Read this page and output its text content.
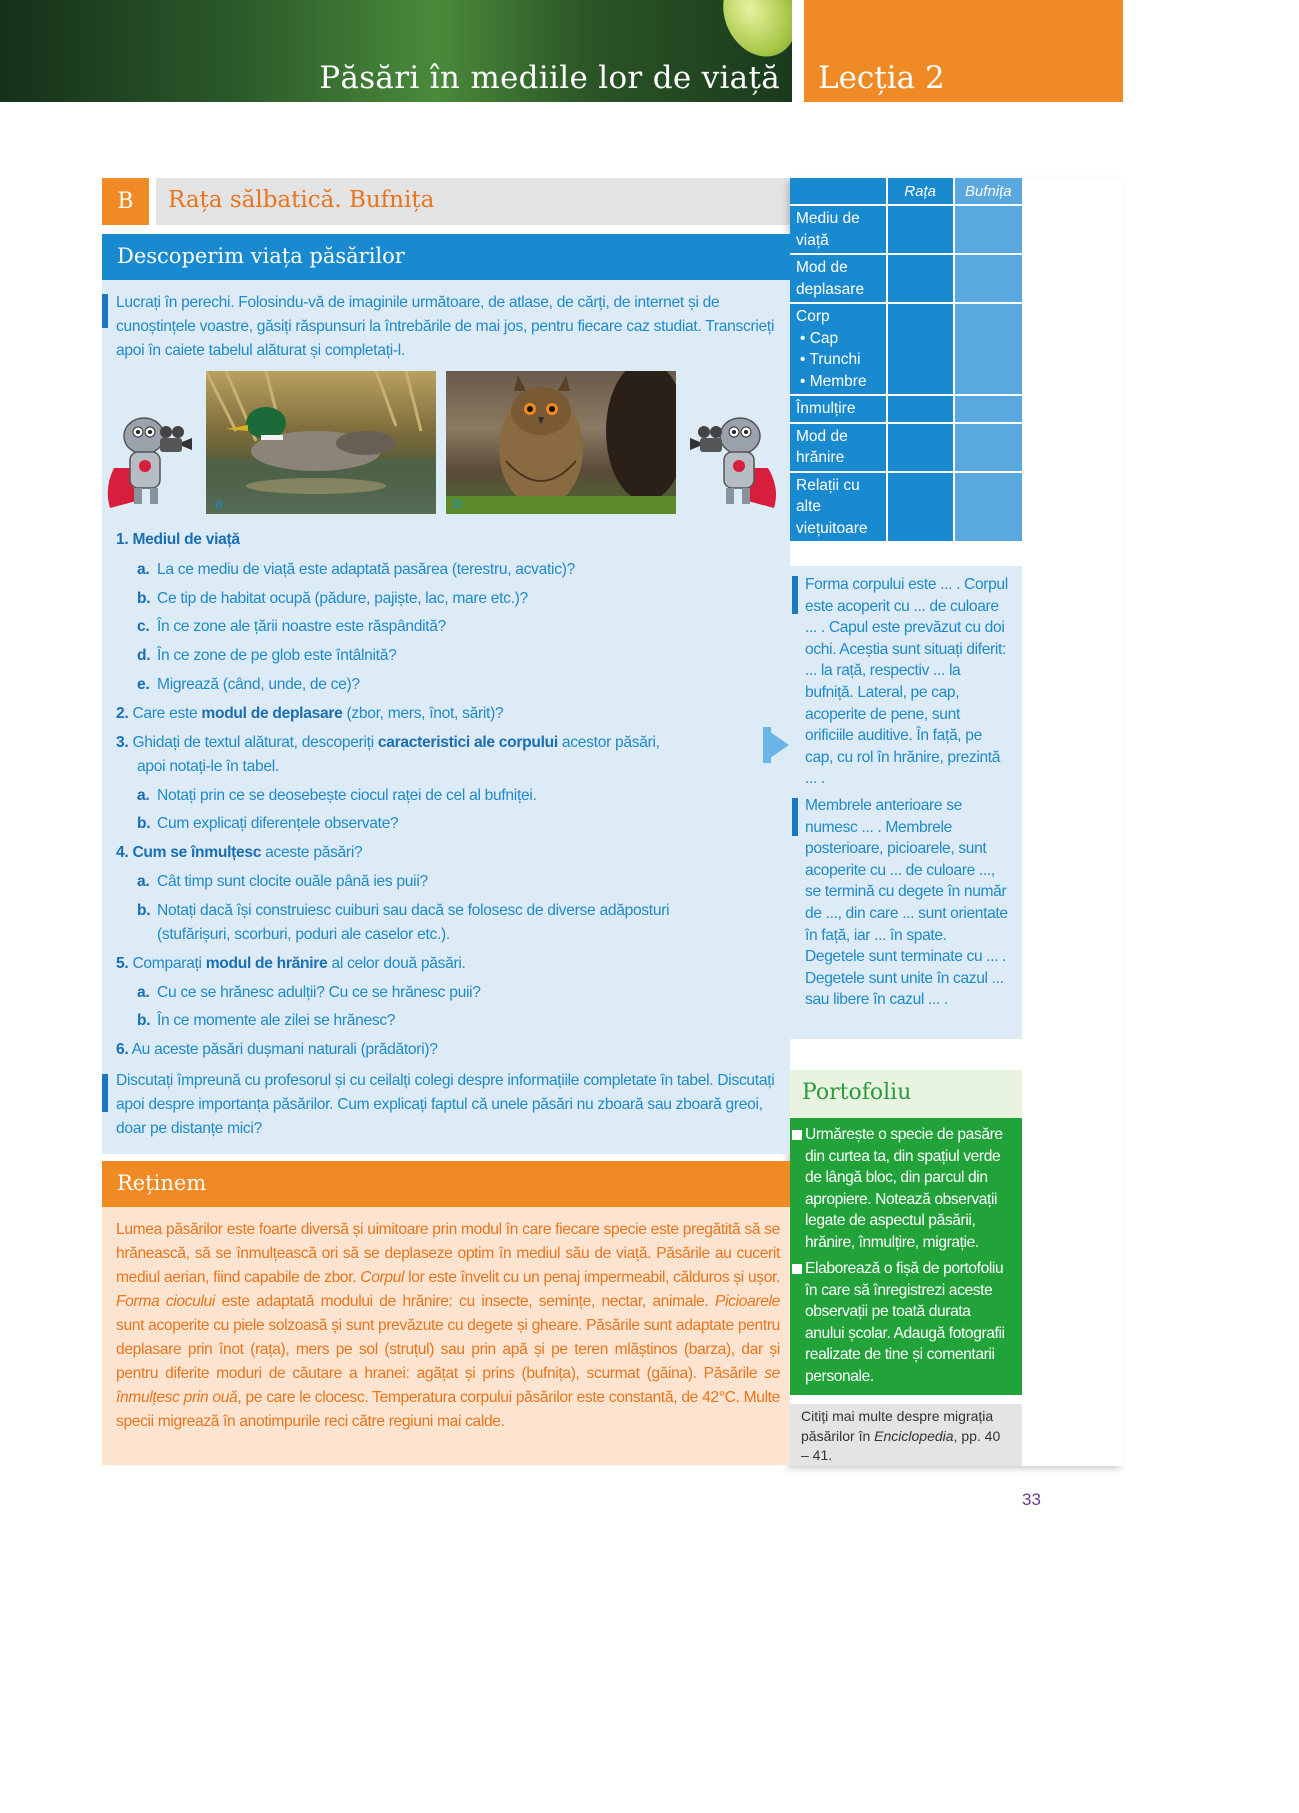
Păsări în mediile lor de viață Lecția 2
B	Rața sălbatică. Bufnița
Descoperim viața păsărilor
Lucrați în perechi. Folosindu-vă de imaginile următoare, de atlase, de cărți, de internet și de cunoștințele voastre, găsiți răspunsuri la întrebările de mai jos, pentru fiecare caz studiat. Transcrieți apoi în caiete tabelul alăturat și completați-l.
a	b
1. Mediul de viață
a. La ce mediu de viață este adaptată pasărea (terestru, acvatic)?
b. Ce tip de habitat ocupă (pădure, pajiște, lac, mare etc.)?
c. În ce zone ale țării noastre este răspândită?
d. În ce zone de pe glob este întâlnită?
e. Migrează (când, unde, de ce)?
2. Care este modul de deplasare (zbor, mers, înot, sărit)?
3. Ghidați de textul alăturat, descoperiți caracteristici ale corpului acestor păsări,
apoi notați-le în tabel.
a. Notați prin ce se deosebește ciocul raței de cel al bufniței.
b. Cum explicați diferențele observate?
4. Cum se înmulțesc aceste păsări?
a. Cât timp sunt clocite ouăle până ies puii?
b. Notați dacă își construiesc cuiburi sau dacă se folosesc de diverse adăposturi
(stufărișuri, scorburi, poduri ale caselor etc.).
5. Comparați modul de hrănire al celor două păsări.
a. Cu ce se hrănesc adulții? Cu ce se hrănesc puii?
b. În ce momente ale zilei se hrănesc?
6. Au aceste păsări dușmani naturali (prădători)?
Discutați împreună cu profesorul și cu ceilalți colegi despre informațiile completate în tabel. Discutați apoi despre importanța păsărilor. Cum explicați faptul că unele păsări nu zboară sau zboară greoi, doar pe distanțe mici?
Reținem
Lumea păsărilor este foarte diversă și uimitoare prin modul în care fiecare specie este pregătită să se hrănească, să se înmulțească ori să se deplaseze optim în mediul său de viață. Păsările au cucerit mediul aerian, fiind capabile de zbor. Corpul lor este învelit cu un penaj impermeabil, călduros și ușor. Forma ciocului este adaptată modului de hrănire: cu insecte, semințe, nectar, animale. Picioarele sunt acoperite cu piele solzoasă și sunt prevăzute cu degete și gheare. Păsările sunt adaptate pentru deplasare prin înot (rața), mers pe sol (struțul) sau prin apă și pe teren mlăștinos (barza), dar și pentru diferite moduri de căutare a hranei: agățat și prins (bufnița), scurmat (găina). Păsările se înmulțesc prin ouă, pe care le clocesc. Temperatura corpului păsărilor este constantă, de 42°C. Multe specii migrează în anotimpurile reci către regiuni mai calde.
	Rața	Bufnița
Mediu de viață		
Mod de deplasare		

Corp
• Cap
• Trunchi
• Membre		

Înmulțire		
Mod de hrănire		
Relații cu alte viețuitoare		
Forma corpului este ... . Corpul este acoperit cu ... de culoare ... . Capul este prevăzut cu doi ochi. Aceștia sunt situați diferit: ... la rață, respectiv ... la bufniță. Lateral, pe cap, acoperite de pene, sunt orificiile auditive. În față, pe cap, cu rol în hrănire, prezintă ... .
Membrele anterioare se numesc ... . Membrele posterioare, picioarele, sunt acoperite cu ... de culoare ..., se termină cu degete în număr de ..., din care ... sunt orientate în față, iar ... în spate. Degetele sunt terminate cu ... . Degetele sunt unite în cazul ... sau libere în cazul ... .
Portofoliu
Urmărește o specie de pasăre din curtea ta, din spațiul verde de lângă bloc, din parcul din apropiere. Notează observații legate de aspectul păsării, hrănire, înmulțire, migrație.
Elaborează o fișă de portofoliu în care să înregistrezi aceste observații pe toată durata anului școlar. Adaugă fotografii realizate de tine și comentarii personale.
Citiți mai multe despre migrația păsărilor în Enciclopedia, pp. 40 – 41.
33
